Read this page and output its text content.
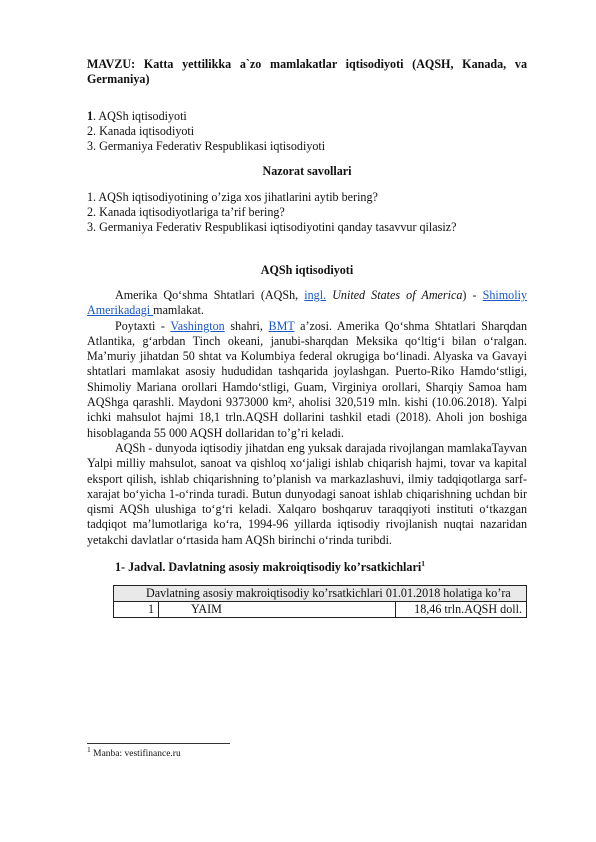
MAVZU: Katta yettilikka a`zo mamlakatlar iqtisodiyoti (AQSH, Kanada, va Germaniya)

1. AQSh iqtisodiyoti

2. Kanada iqtisodiyoti

3. Germaniya Federativ Respublikasi iqtisodiyoti

Nazorat savollari

1. AQSh iqtisodiyotining o’ziga xos jihatlarini aytib bering?

2. Kanada iqtisodiyotlariga ta’rif bering?

3. Germaniya Federativ Respublikasi iqtisodiyotini qanday tasavvur qilasiz?

AQSh iqtisodiyoti

Amerika Qo‘shma Shtatlari (AQSh, ingl. United States of America) - Shimoliy Amerikadagi mamlakat.

Poytaxti - Vashington shahri, BMT a’zosi. Amerika Qo‘shma Shtatlari Sharqdan Atlantika, g‘arbdan Tinch okeani, janubi-sharqdan Meksika qo‘ltig‘i bilan o‘ralgan. Ma’muriy jihatdan 50 shtat va Kolumbiya federal okrugiga bo‘linadi. Alyaska va Gavayi shtatlari mamlakat asosiy hududidan tashqarida joylashgan. Puerto-Riko Hamdo‘stligi, Shimoliy Mariana orollari Hamdo‘stligi, Guam, Virginiya orollari, Sharqiy Samoa ham AQShga qarashli. Maydoni 9373000 km², aholisi 320,519 mln. kishi (10.06.2018). Yalpi ichki mahsulot hajmi 18,1 trln.AQSH dollarini tashkil etadi (2018). Aholi jon boshiga hisoblaganda 55 000 AQSH dollaridan to’g’ri keladi.

AQSh - dunyoda iqtisodiy jihatdan eng yuksak darajada rivojlangan mamlakaTayvan Yalpi milliy mahsulot, sanoat va qishloq xo‘jaligi ishlab chiqarish hajmi, tovar va kapital eksport qilish, ishlab chiqarishning to’planish va markazlashuvi, ilmiy tadqiqotlarga sarf-xarajat bo‘yicha 1-o‘rinda turadi. Butun dunyodagi sanoat ishlab chiqarishning uchdan bir qismi AQSh ulushiga to‘g‘ri keladi. Xalqaro boshqaruv taraqqiyoti instituti o‘tkazgan tadqiqot ma’lumotlariga ko‘ra, 1994-96 yillarda iqtisodiy rivojlanish nuqtai nazaridan yetakchi davlatlar o‘rtasida ham AQSh birinchi o‘rinda turibdi.

1- Jadval. Davlatning asosiy makroiqtisodiy ko’rsatkichlari$^1$

Davlatning asosiy makroiqtisodiy ko’rsatkichlari 01.01.2018 holatiga ko’ra
1	YAIM	18,46 trln.AQSH doll.

$^1$ Manba: vestifinance.ru
